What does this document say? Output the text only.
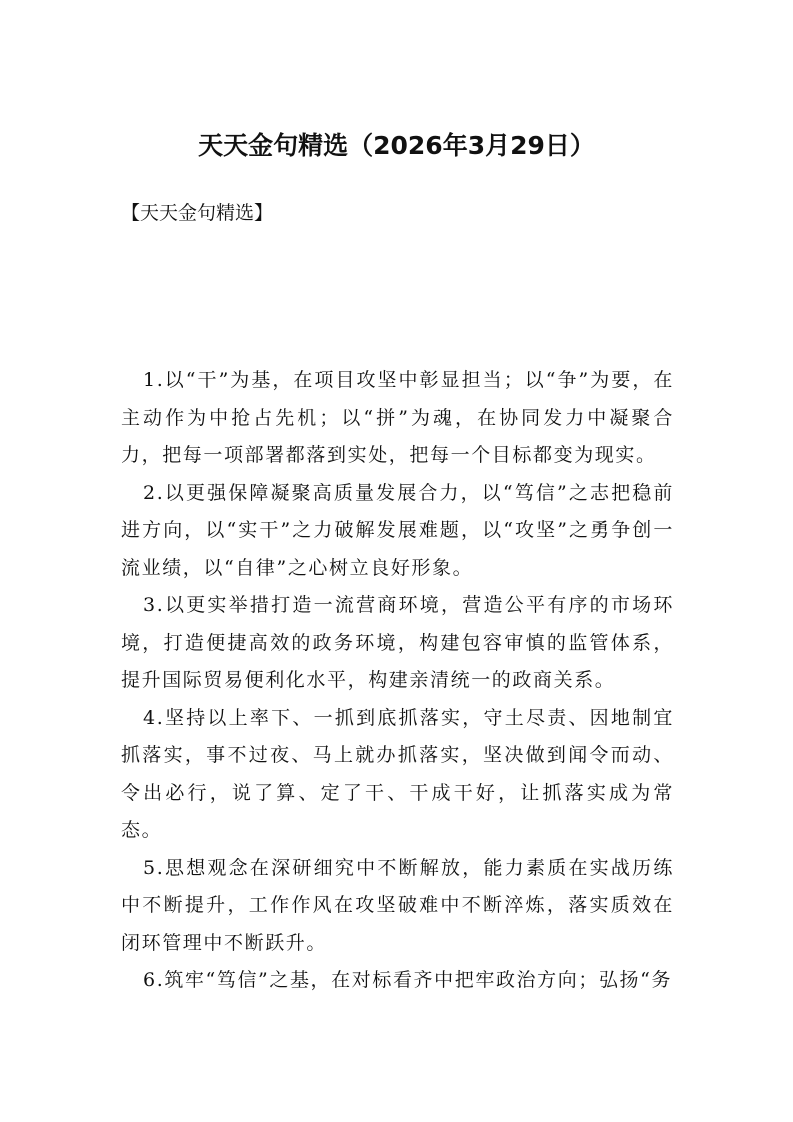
天天金句精选（2026年3月29日）
【天天金句精选】

1.以“干”为基，在项目攻坚中彰显担当；以“争”为要，在主动作为中抢占先机；以“拼”为魂，在协同发力中凝聚合力，把每一项部署都落到实处，把每一个目标都变为现实。

2.以更强保障凝聚高质量发展合力，以“笃信”之志把稳前进方向，以“实干”之力破解发展难题，以“攻坚”之勇争创一流业绩，以“自律”之心树立良好形象。

3.以更实举措打造一流营商环境，营造公平有序的市场环境，打造便捷高效的政务环境，构建包容审慎的监管体系，提升国际贸易便利化水平，构建亲清统一的政商关系。

4.坚持以上率下、一抓到底抓落实，守土尽责、因地制宜抓落实，事不过夜、马上就办抓落实，坚决做到闻令而动、令出必行，说了算、定了干、干成干好，让抓落实成为常态。

5.思想观念在深研细究中不断解放，能力素质在实战历练中不断提升，工作作风在攻坚破难中不断淬炼，落实质效在闭环管理中不断跃升。

6.筑牢“笃信”之基，在对标看齐中把牢政治方向；弘扬“务
